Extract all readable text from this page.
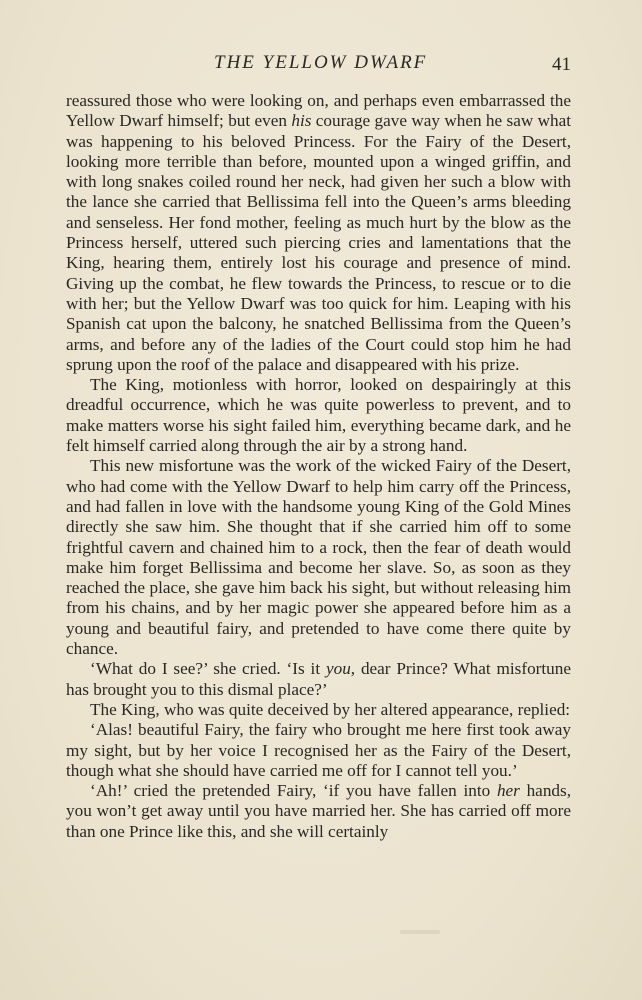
THE YELLOW DWARF	41

reassured those who were looking on, and perhaps even embarrassed the Yellow Dwarf himself; but even his courage gave way when he saw what was happening to his beloved Princess. For the Fairy of the Desert, looking more terrible than before, mounted upon a winged griffin, and with long snakes coiled round her neck, had given her such a blow with the lance she carried that Bellissima fell into the Queen’s arms bleeding and senseless. Her fond mother, feeling as much hurt by the blow as the Princess herself, uttered such piercing cries and lamentations that the King, hearing them, entirely lost his courage and presence of mind. Giving up the combat, he flew towards the Princess, to rescue or to die with her; but the Yellow Dwarf was too quick for him. Leaping with his Spanish cat upon the balcony, he snatched Bellissima from the Queen’s arms, and before any of the ladies of the Court could stop him he had sprung upon the roof of the palace and disappeared with his prize.

The King, motionless with horror, looked on despairingly at this dreadful occurrence, which he was quite powerless to prevent, and to make matters worse his sight failed him, everything became dark, and he felt himself carried along through the air by a strong hand.

This new misfortune was the work of the wicked Fairy of the Desert, who had come with the Yellow Dwarf to help him carry off the Princess, and had fallen in love with the handsome young King of the Gold Mines directly she saw him. She thought that if she carried him off to some frightful cavern and chained him to a rock, then the fear of death would make him forget Bellissima and become her slave. So, as soon as they reached the place, she gave him back his sight, but without releasing him from his chains, and by her magic power she appeared before him as a young and beautiful fairy, and pretended to have come there quite by chance.

‘What do I see?’ she cried. ‘Is it you, dear Prince? What misfortune has brought you to this dismal place?’

The King, who was quite deceived by her altered appearance, replied:

‘Alas! beautiful Fairy, the fairy who brought me here first took away my sight, but by her voice I recognised her as the Fairy of the Desert, though what she should have carried me off for I cannot tell you.’

‘Ah!’ cried the pretended Fairy, ‘if you have fallen into her hands, you won’t get away until you have married her. She has carried off more than one Prince like this, and she will certainly
